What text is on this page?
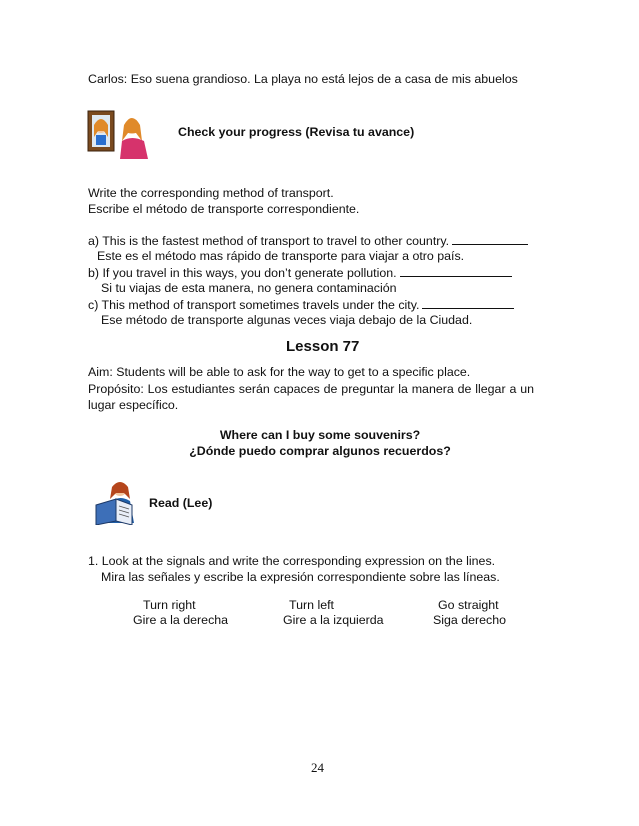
Carlos: Eso suena grandioso. La playa no está lejos de a casa de mis abuelos
Check your progress (Revisa tu avance)
Write the corresponding method of transport.
Escribe el método de transporte correspondiente.
a) This is the fastest method of transport to travel to other country.
Este es el método mas rápido de transporte para viajar a otro país.
b) If you travel in this ways, you don’t generate pollution.
Si tu viajas de esta manera, no genera contaminación
c) This method of transport sometimes travels under the city.
Ese método de transporte algunas veces viaja debajo de la Ciudad.
Lesson 77
Aim: Students will be able to ask for the way to get to a specific place.
Propósito: Los estudiantes serán capaces de preguntar la manera de llegar a un lugar específico.
Where can I buy some souvenirs?
¿Dónde puedo comprar algunos recuerdos?
Read (Lee)
1. Look at the signals and write the corresponding expression on the lines.
Mira las señales y escribe la expresión correspondiente sobre las líneas.
Turn right
Gire a la derecha
Turn left
Gire a la izquierda
Go straight
Siga derecho
24
